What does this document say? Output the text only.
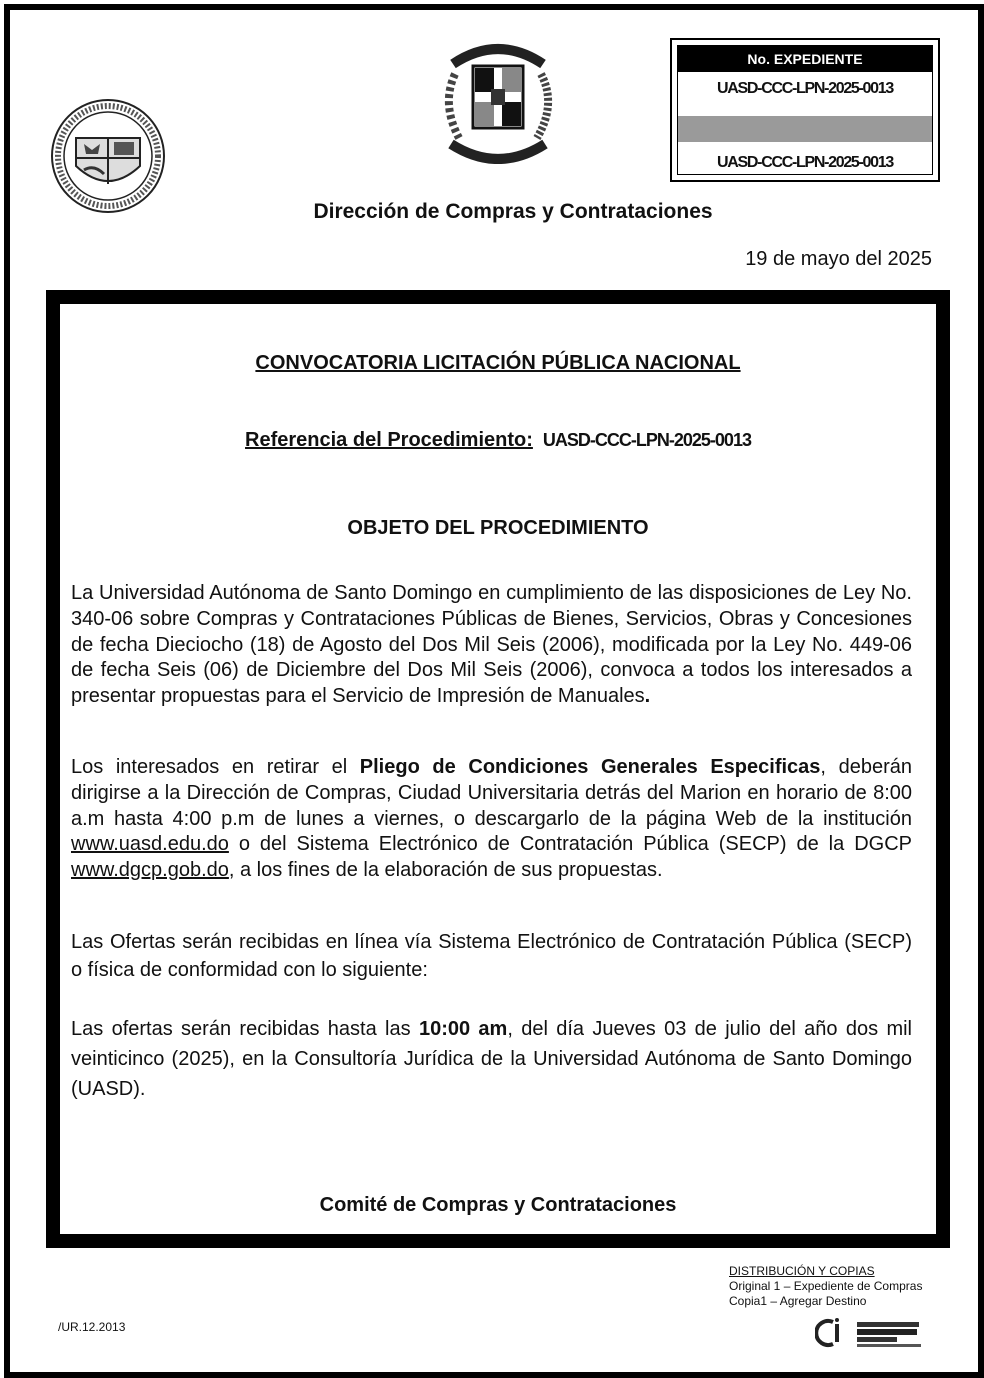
No. EXPEDIENTE
UASD-CCC-LPN-2025-0013
UASD-CCC-LPN-2025-0013
Dirección de Compras y Contrataciones
19 de mayo del 2025
CONVOCATORIA LICITACIÓN PÚBLICA NACIONAL
Referencia del Procedimiento: UASD-CCC-LPN-2025-0013
OBJETO DEL PROCEDIMIENTO
La Universidad Autónoma de Santo Domingo en cumplimiento de las disposiciones de Ley No. 340-06 sobre Compras y Contrataciones Públicas de Bienes, Servicios, Obras y Concesiones de fecha Dieciocho (18) de Agosto del Dos Mil Seis (2006), modificada por la Ley No. 449-06 de fecha Seis (06) de Diciembre del Dos Mil Seis (2006), convoca a todos los interesados a presentar propuestas para el Servicio de Impresión de Manuales.
Los interesados en retirar el Pliego de Condiciones Generales Especificas, deberán dirigirse a la Dirección de Compras, Ciudad Universitaria detrás del Marion en horario de 8:00 a.m hasta 4:00 p.m de lunes a viernes, o descargarlo de la página Web de la institución www.uasd.edu.do o del Sistema Electrónico de Contratación Pública (SECP) de la DGCP www.dgcp.gob.do, a los fines de la elaboración de sus propuestas.
Las Ofertas serán recibidas en línea vía Sistema Electrónico de Contratación Pública (SECP) o física de conformidad con lo siguiente:
Las ofertas serán recibidas hasta las 10:00 am, del día Jueves 03 de julio del año dos mil veinticinco (2025), en la Consultoría Jurídica de la Universidad Autónoma de Santo Domingo (UASD).
Comité de Compras y Contrataciones
DISTRIBUCIÓN Y COPIAS
Original 1 – Expediente de Compras
Copia1 – Agregar Destino
/UR.12.2013
